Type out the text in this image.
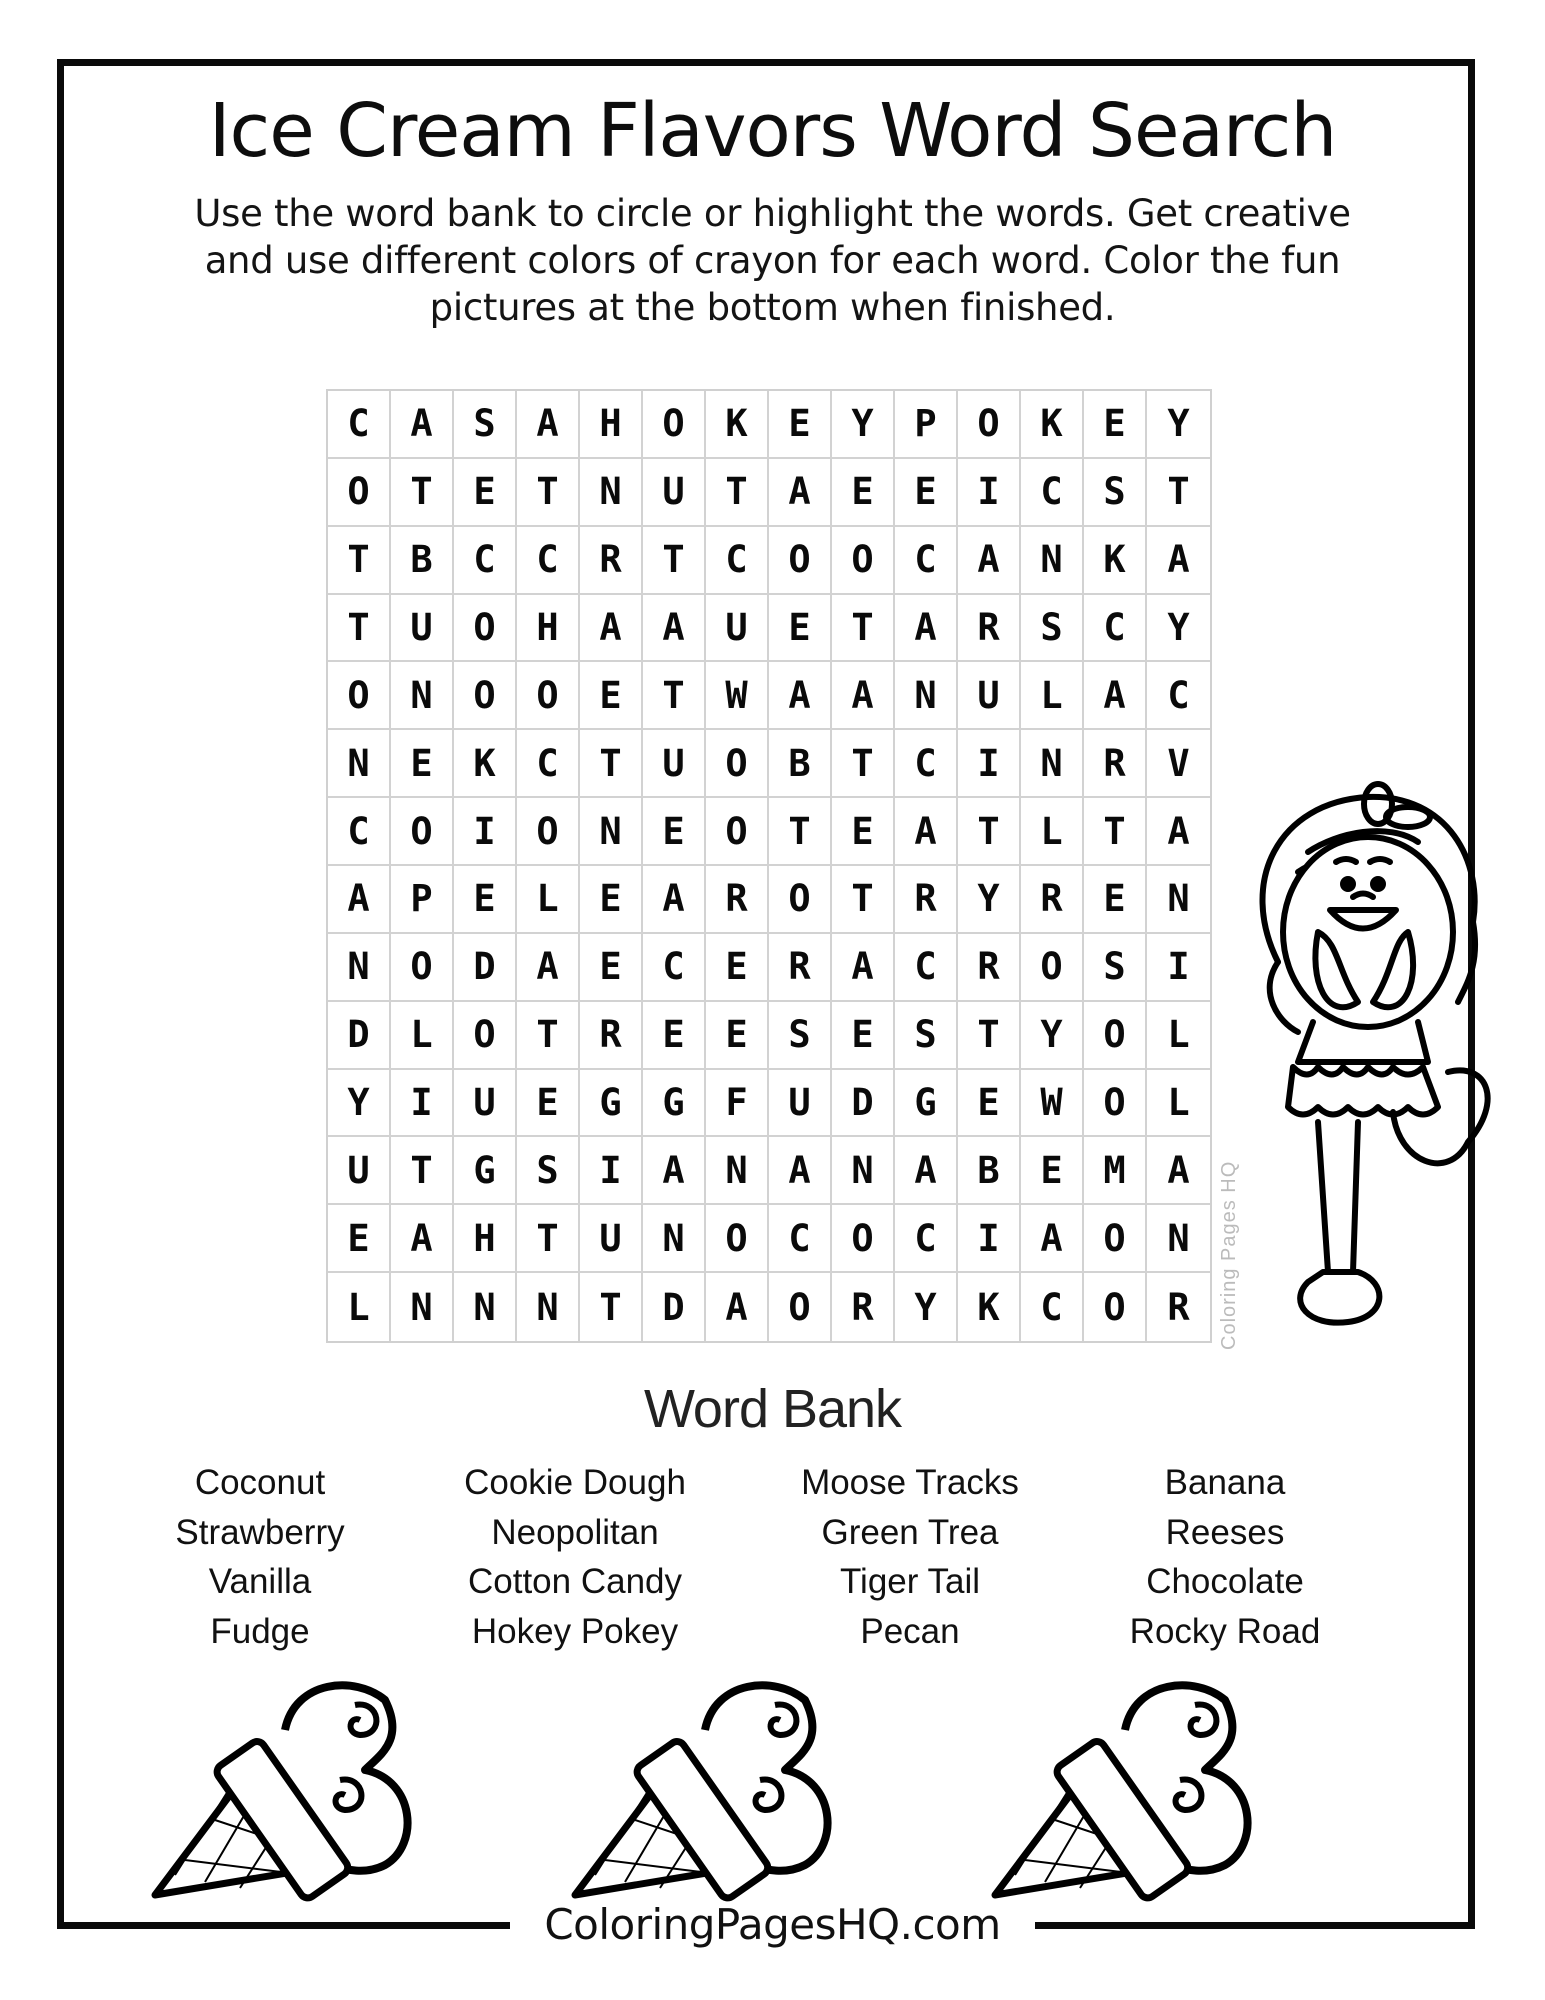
Ice Cream Flavors Word Search
Use the word bank to circle or highlight the words. Get creative
and use different colors of crayon for each word. Color the fun
pictures at the bottom when finished.
C	A	S	A	H	O	K	E	Y	P	O	K	E	Y
O	T	E	T	N	U	T	A	E	E	I	C	S	T
T	B	C	C	R	T	C	O	O	C	A	N	K	A
T	U	O	H	A	A	U	E	T	A	R	S	C	Y
O	N	O	O	E	T	W	A	A	N	U	L	A	C
N	E	K	C	T	U	O	B	T	C	I	N	R	V
C	O	I	O	N	E	O	T	E	A	T	L	T	A
A	P	E	L	E	A	R	O	T	R	Y	R	E	N
N	O	D	A	E	C	E	R	A	C	R	O	S	I
D	L	O	T	R	E	E	S	E	S	T	Y	O	L
Y	I	U	E	G	G	F	U	D	G	E	W	O	L
U	T	G	S	I	A	N	A	N	A	B	E	M	A
E	A	H	T	U	N	O	C	O	C	I	A	O	N
L	N	N	N	T	D	A	O	R	Y	K	C	O	R	Coloring Pages HQ
Word Bank
Coconut
Strawberry
Vanilla
Fudge
Cookie Dough
Neopolitan
Cotton Candy
Hokey Pokey
Moose Tracks
Green Trea
Tiger Tail
Pecan
Banana
Reeses
Chocolate
Rocky Road
ColoringPagesHQ.com
